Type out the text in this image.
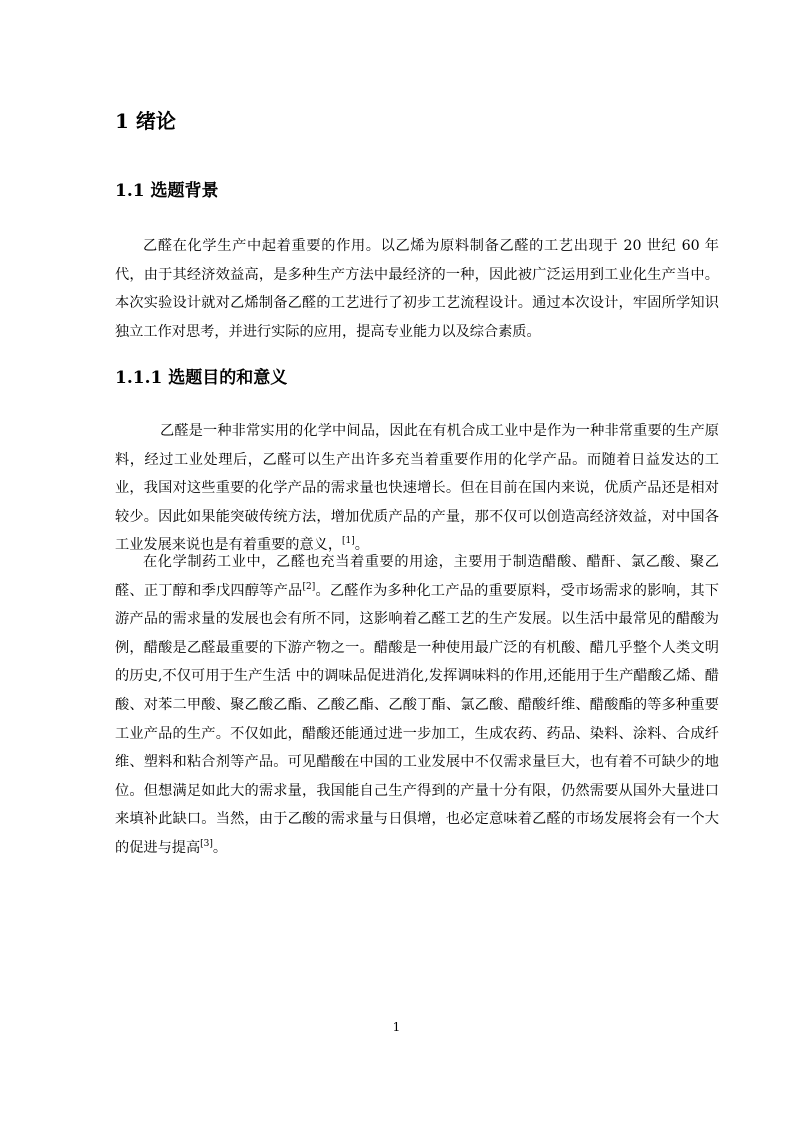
1 绪论
1.1 选题背景

乙醛在化学生产中起着重要的作用。以乙烯为原料制备乙醛的工艺出现于 20 世纪 60 年代，由于其经济效益高，是多种生产方法中最经济的一种，因此被广泛运用到工业化生产当中。本次实验设计就对乙烯制备乙醛的工艺进行了初步工艺流程设计。通过本次设计，牢固所学知识独立工作对思考，并进行实际的应用，提高专业能力以及综合素质。

1.1.1 选题目的和意义

乙醛是一种非常实用的化学中间品，因此在有机合成工业中是作为一种非常重要的生产原料，经过工业处理后，乙醛可以生产出许多充当着重要作用的化学产品。而随着日益发达的工业，我国对这些重要的化学产品的需求量也快速增长。但在目前在国内来说，优质产品还是相对较少。因此如果能突破传统方法，增加优质产品的产量，那不仅可以创造高经济效益，对中国各工业发展来说也是有着重要的意义，[1]。

在化学制药工业中，乙醛也充当着重要的用途，主要用于制造醋酸、醋酐、氯乙酸、聚乙醛、正丁醇和季戊四醇等产品[2]。乙醛作为多种化工产品的重要原料，受市场需求的影响，其下游产品的需求量的发展也会有所不同，这影响着乙醛工艺的生产发展。以生活中最常见的醋酸为例，醋酸是乙醛最重要的下游产物之一。醋酸是一种使用最广泛的有机酸、醋几乎整个人类文明的历史,不仅可用于生产生活 中的调味品促进消化,发挥调味料的作用,还能用于生产醋酸乙烯、醋酸、对苯二甲酸、聚乙酸乙酯、乙酸乙酯、乙酸丁酯、氯乙酸、醋酸纤维、醋酸酯的等多种重要工业产品的生产。不仅如此，醋酸还能通过进一步加工，生成农药、药品、染料、涂料、合成纤维、塑料和粘合剂等产品。可见醋酸在中国的工业发展中不仅需求量巨大，也有着不可缺少的地位。但想满足如此大的需求量，我国能自己生产得到的产量十分有限，仍然需要从国外大量进口来填补此缺口。当然，由于乙酸的需求量与日俱增，也必定意味着乙醛的市场发展将会有一个大的促进与提高[3]。

1
